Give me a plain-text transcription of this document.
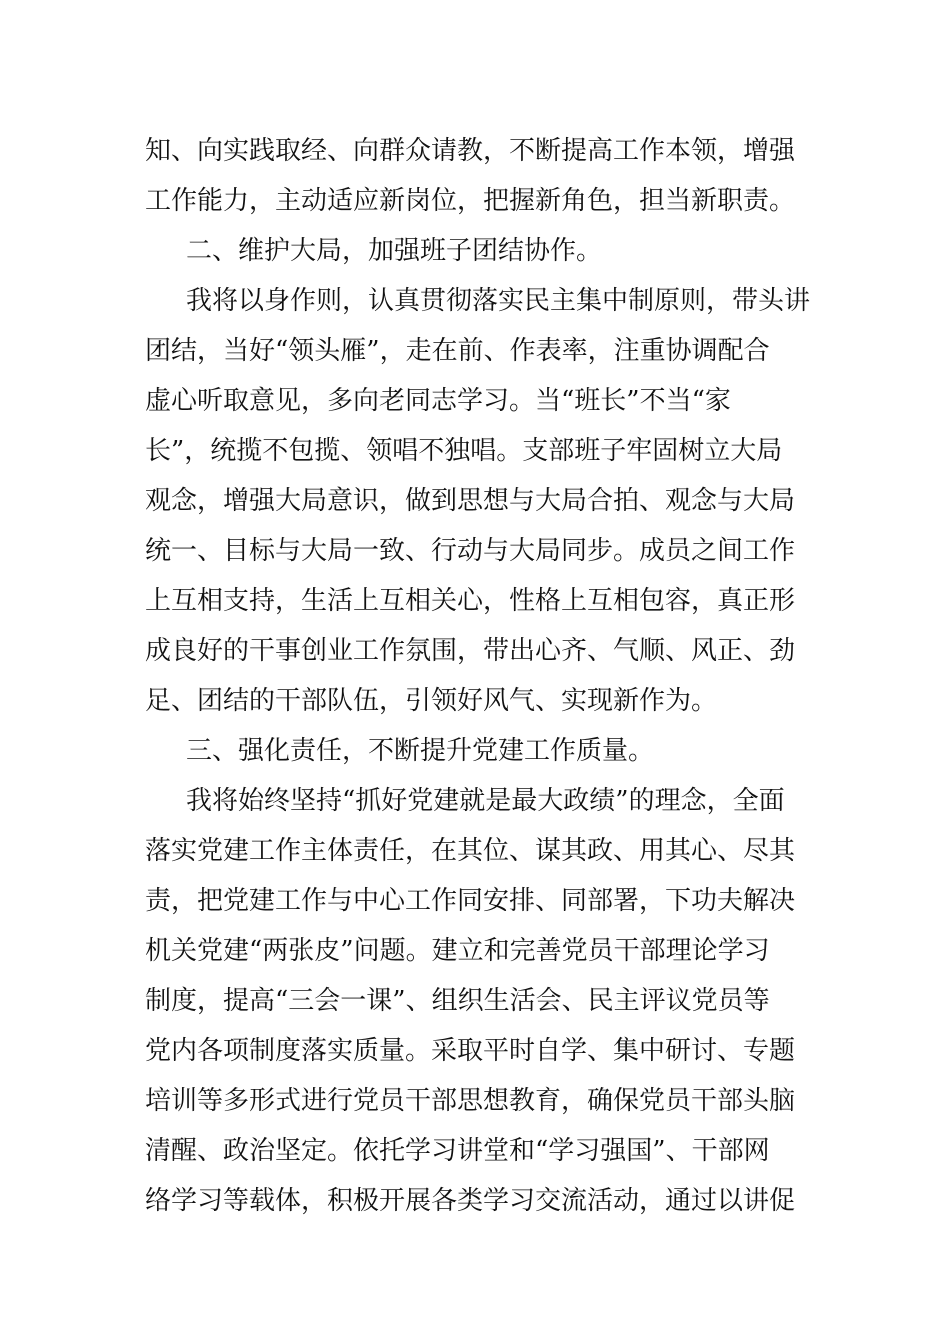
知、向实践取经、向群众请教，不断提高工作本领，增强
工作能力，主动适应新岗位，把握新角色，担当新职责。
二、维护大局，加强班子团结协作。
我将以身作则，认真贯彻落实民主集中制原则，带头讲
团结，当好“领头雁”，走在前、作表率，注重协调配合
虚心听取意见，多向老同志学习。当“班长”不当“家
长”，统揽不包揽、领唱不独唱。支部班子牢固树立大局
观念，增强大局意识，做到思想与大局合拍、观念与大局
统一、目标与大局一致、行动与大局同步。成员之间工作
上互相支持，生活上互相关心，性格上互相包容，真正形
成良好的干事创业工作氛围，带出心齐、气顺、风正、劲
足、团结的干部队伍，引领好风气、实现新作为。
三、强化责任，不断提升党建工作质量。
我将始终坚持“抓好党建就是最大政绩”的理念，全面
落实党建工作主体责任，在其位、谋其政、用其心、尽其
责，把党建工作与中心工作同安排、同部署，下功夫解决
机关党建“两张皮”问题。建立和完善党员干部理论学习
制度，提高“三会一课”、组织生活会、民主评议党员等
党内各项制度落实质量。采取平时自学、集中研讨、专题
培训等多形式进行党员干部思想教育，确保党员干部头脑
清醒、政治坚定。依托学习讲堂和“学习强国”、干部网
络学习等载体，积极开展各类学习交流活动，通过以讲促
